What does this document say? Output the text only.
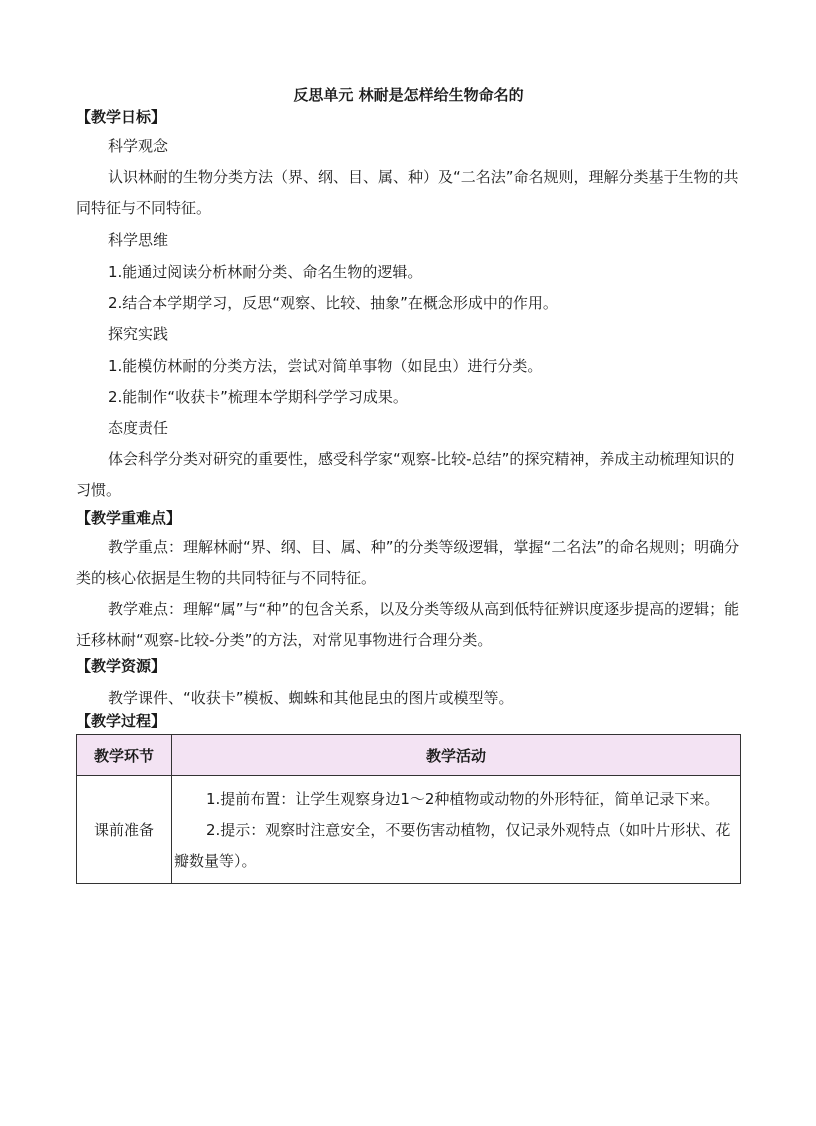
反思单元 林耐是怎样给生物命名的
【教学日标】
科学观念
认识林耐的生物分类方法（界、纲、目、属、种）及“二名法”命名规则，理解分类基于生物的共同特征与不同特征。
科学思维
1.能通过阅读分析林耐分类、命名生物的逻辑。
2.结合本学期学习，反思“观察、比较、抽象”在概念形成中的作用。
探究实践
1.能模仿林耐的分类方法，尝试对简单事物（如昆虫）进行分类。
2.能制作“收获卡”梳理本学期科学学习成果。
态度责任
体会科学分类对研究的重要性，感受科学家“观察-比较-总结”的探究精神，养成主动梳理知识的习惯。
【教学重难点】
教学重点：理解林耐“界、纲、目、属、种”的分类等级逻辑，掌握“二名法”的命名规则；明确分类的核心依据是生物的共同特征与不同特征。
教学难点：理解“属”与“种”的包含关系，以及分类等级从高到低特征辨识度逐步提高的逻辑；能迁移林耐“观察-比较-分类”的方法，对常见事物进行合理分类。
【教学资源】
教学课件、“收获卡”模板、蜘蛛和其他昆虫的图片或模型等。
【教学过程】
教学环节	教学活动
课前准备	1.提前布置：让学生观察身边1～2种植物或动物的外形特征，简单记录下来。

2.提示：观察时注意安全，不要伤害动植物，仅记录外观特点（如叶片形状、花瓣数量等）。
